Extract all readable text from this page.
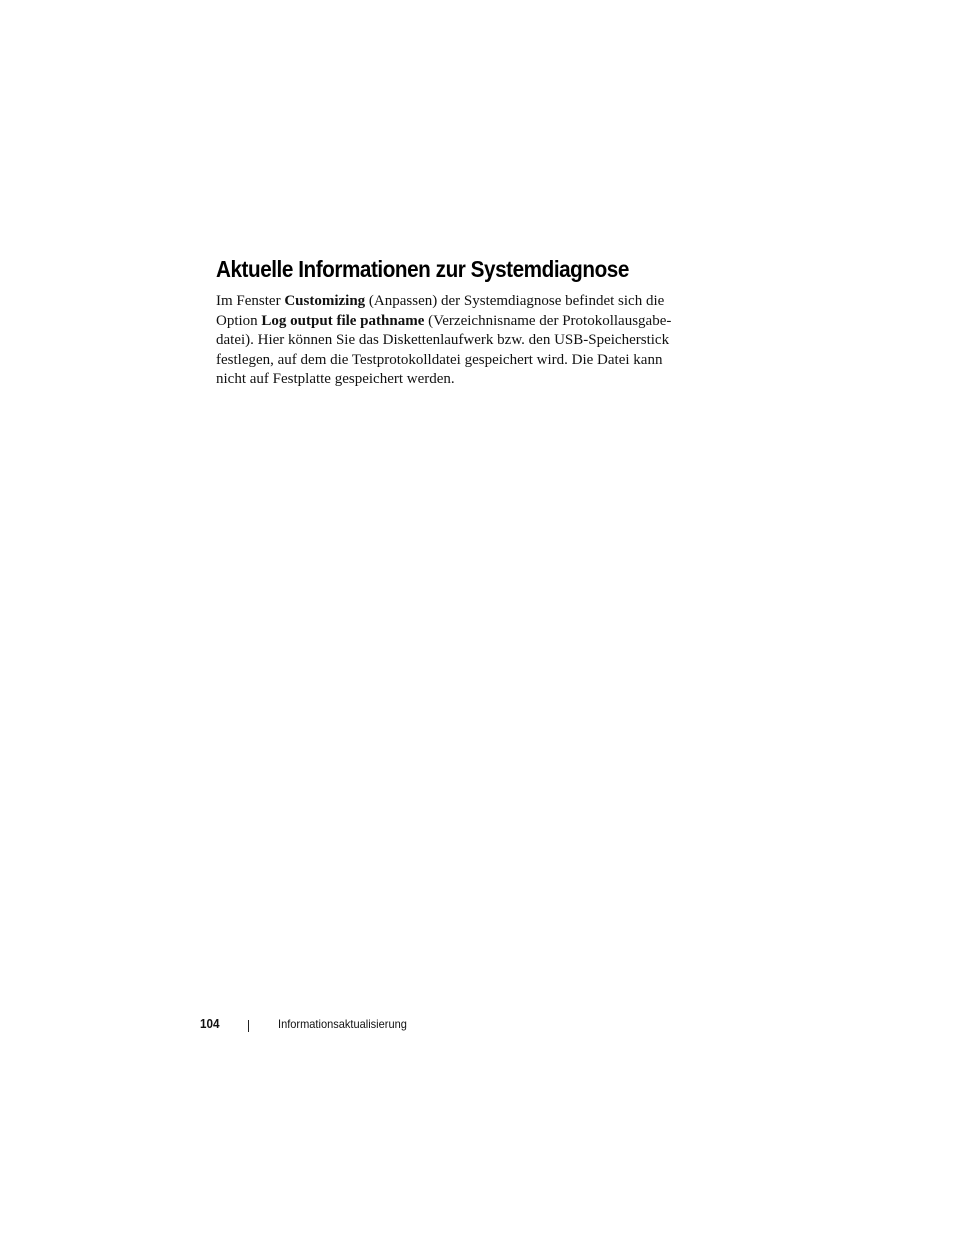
Aktuelle Informationen zur Systemdiagnose

Im Fenster Customizing (Anpassen) der Systemdiagnose befindet sich die
Option Log output file pathname (Verzeichnisname der Protokollausgabe-
datei). Hier können Sie das Diskettenlaufwerk bzw. den USB-Speicherstick
festlegen, auf dem die Testprotokolldatei gespeichert wird. Die Datei kann
nicht auf Festplatte gespeichert werden.

104	Informationsaktualisierung
